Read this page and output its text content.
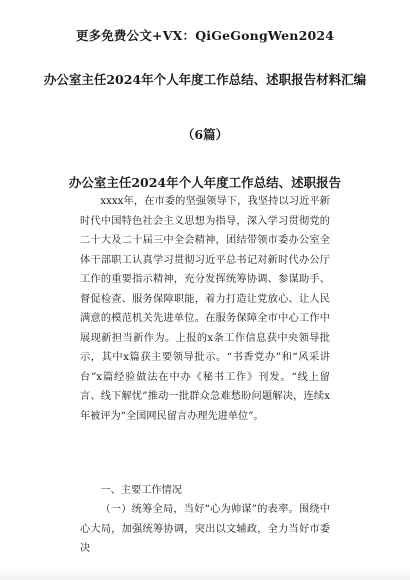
更多免费公文+VX：QiGeGongWen2024
办公室主任2024年个人年度工作总结、述职报告材料汇编
（6篇）
办公室主任2024年个人年度工作总结、述职报告

xxxx年，在市委的坚强领导下，我坚持以习近平新时代中国特色社会主义思想为指导，深入学习贯彻党的二十大及二十届三中全会精神，团结带领市委办公室全体干部职工认真学习贯彻习近平总书记对新时代办公厅工作的重要指示精神，充分发挥统筹协调、参谋助手、督促检查、服务保障职能，着力打造让党放心、让人民满意的模范机关先进单位。在服务保障全市中心工作中展现新担当新作为。上报的x条工作信息获中央领导批示，其中x篇获主要领导批示。“书香党办”和“风采讲台”x篇经验做法在中办《秘书工作》刊发。“线上留言、线下解忧”推动一批群众急难愁盼问题解决，连续x年被评为“全国网民留言办理先进单位”。

一、主要工作情况
（一）统筹全局，当好“心为帅谋”的表率。围绕中心大局，加强统筹协调，突出以文辅政，全力当好市委决
